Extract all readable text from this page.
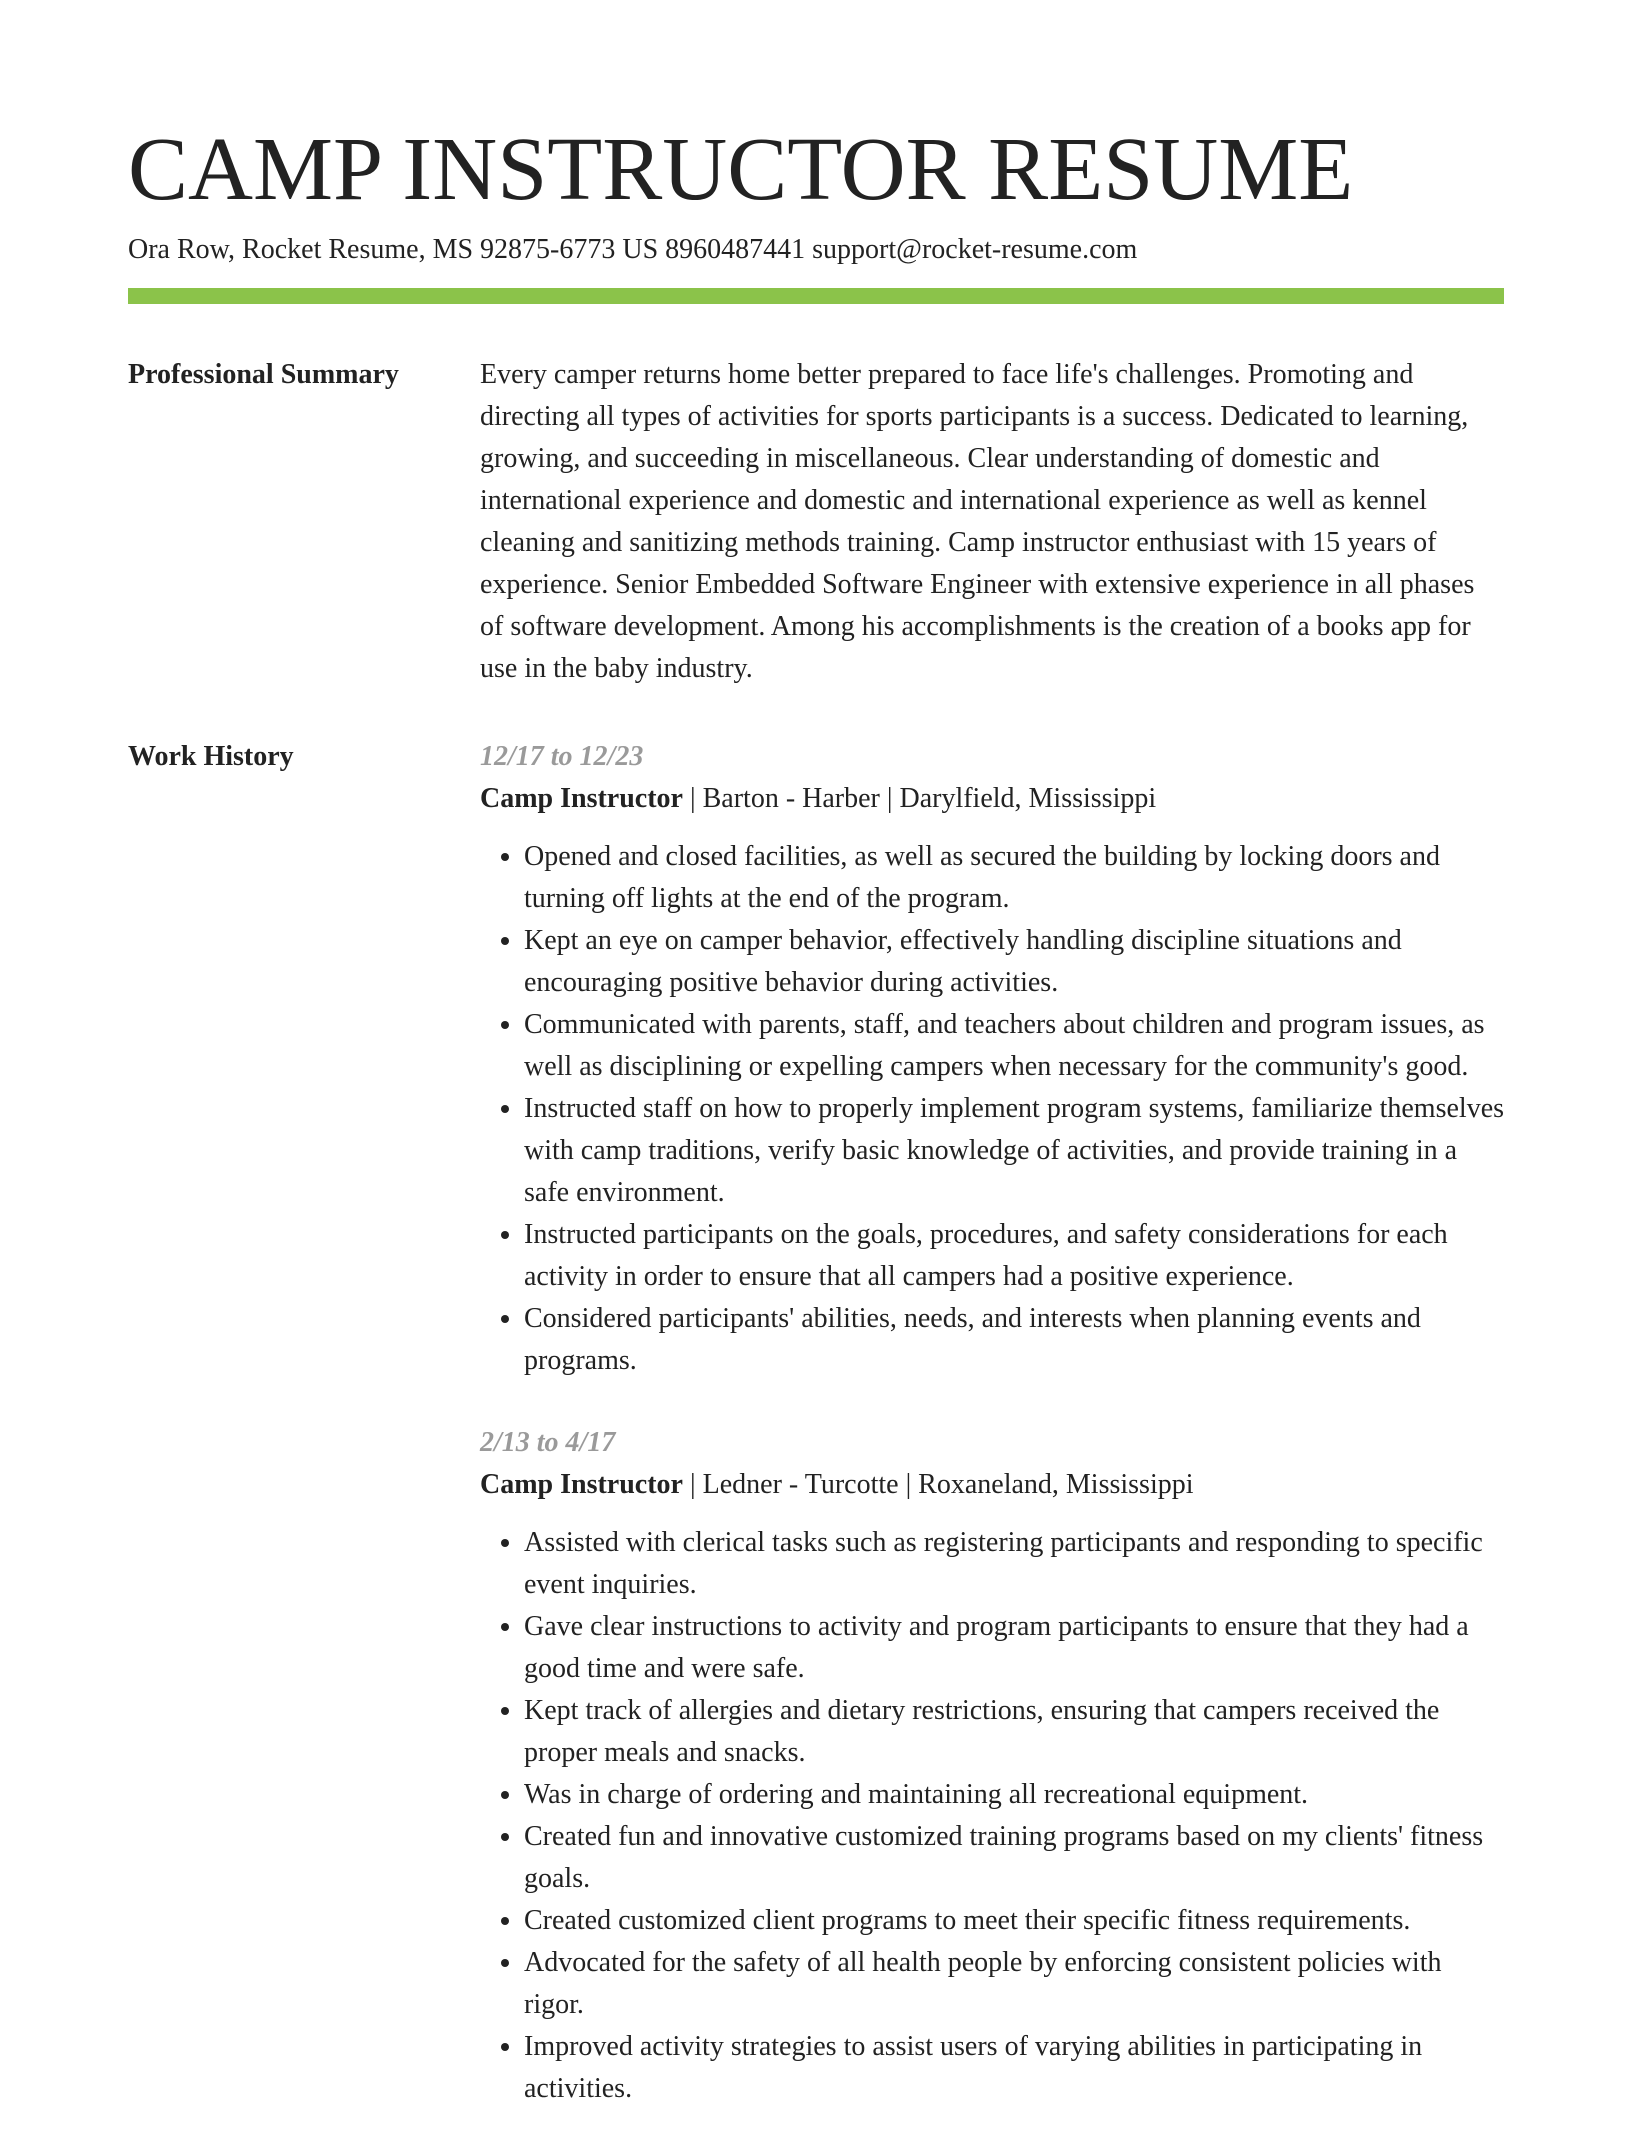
CAMP INSTRUCTOR RESUME
Ora Row, Rocket Resume, MS 92875-6773 US 8960487441 support@rocket-resume.com
Professional Summary	Every camper returns home better prepared to face life's challenges. Promoting and directing all types of activities for sports participants is a success. Dedicated to learning, growing, and succeeding in miscellaneous. Clear understanding of domestic and international experience and domestic and international experience as well as kennel cleaning and sanitizing methods training. Camp instructor enthusiast with 15 years of experience. Senior Embedded Software Engineer with extensive experience in all phases of software development. Among his accomplishments is the creation of a books app for use in the baby industry.

Work History	12/17 to 12/23
Camp Instructor | Barton - Harber | Darylfield, Mississippi
• Opened and closed facilities, as well as secured the building by locking doors and turning off lights at the end of the program.
• Kept an eye on camper behavior, effectively handling discipline situations and encouraging positive behavior during activities.
• Communicated with parents, staff, and teachers about children and program issues, as well as disciplining or expelling campers when necessary for the community's good.
• Instructed staff on how to properly implement program systems, familiarize themselves with camp traditions, verify basic knowledge of activities, and provide training in a safe environment.
• Instructed participants on the goals, procedures, and safety considerations for each activity in order to ensure that all campers had a positive experience.
• Considered participants' abilities, needs, and interests when planning events and programs.
2/13 to 4/17
Camp Instructor | Ledner - Turcotte | Roxaneland, Mississippi
• Assisted with clerical tasks such as registering participants and responding to specific event inquiries.
• Gave clear instructions to activity and program participants to ensure that they had a good time and were safe.
• Kept track of allergies and dietary restrictions, ensuring that campers received the proper meals and snacks.
• Was in charge of ordering and maintaining all recreational equipment.
• Created fun and innovative customized training programs based on my clients' fitness goals.
• Created customized client programs to meet their specific fitness requirements.
• Advocated for the safety of all health people by enforcing consistent policies with rigor.
• Improved activity strategies to assist users of varying abilities in participating in activities.
